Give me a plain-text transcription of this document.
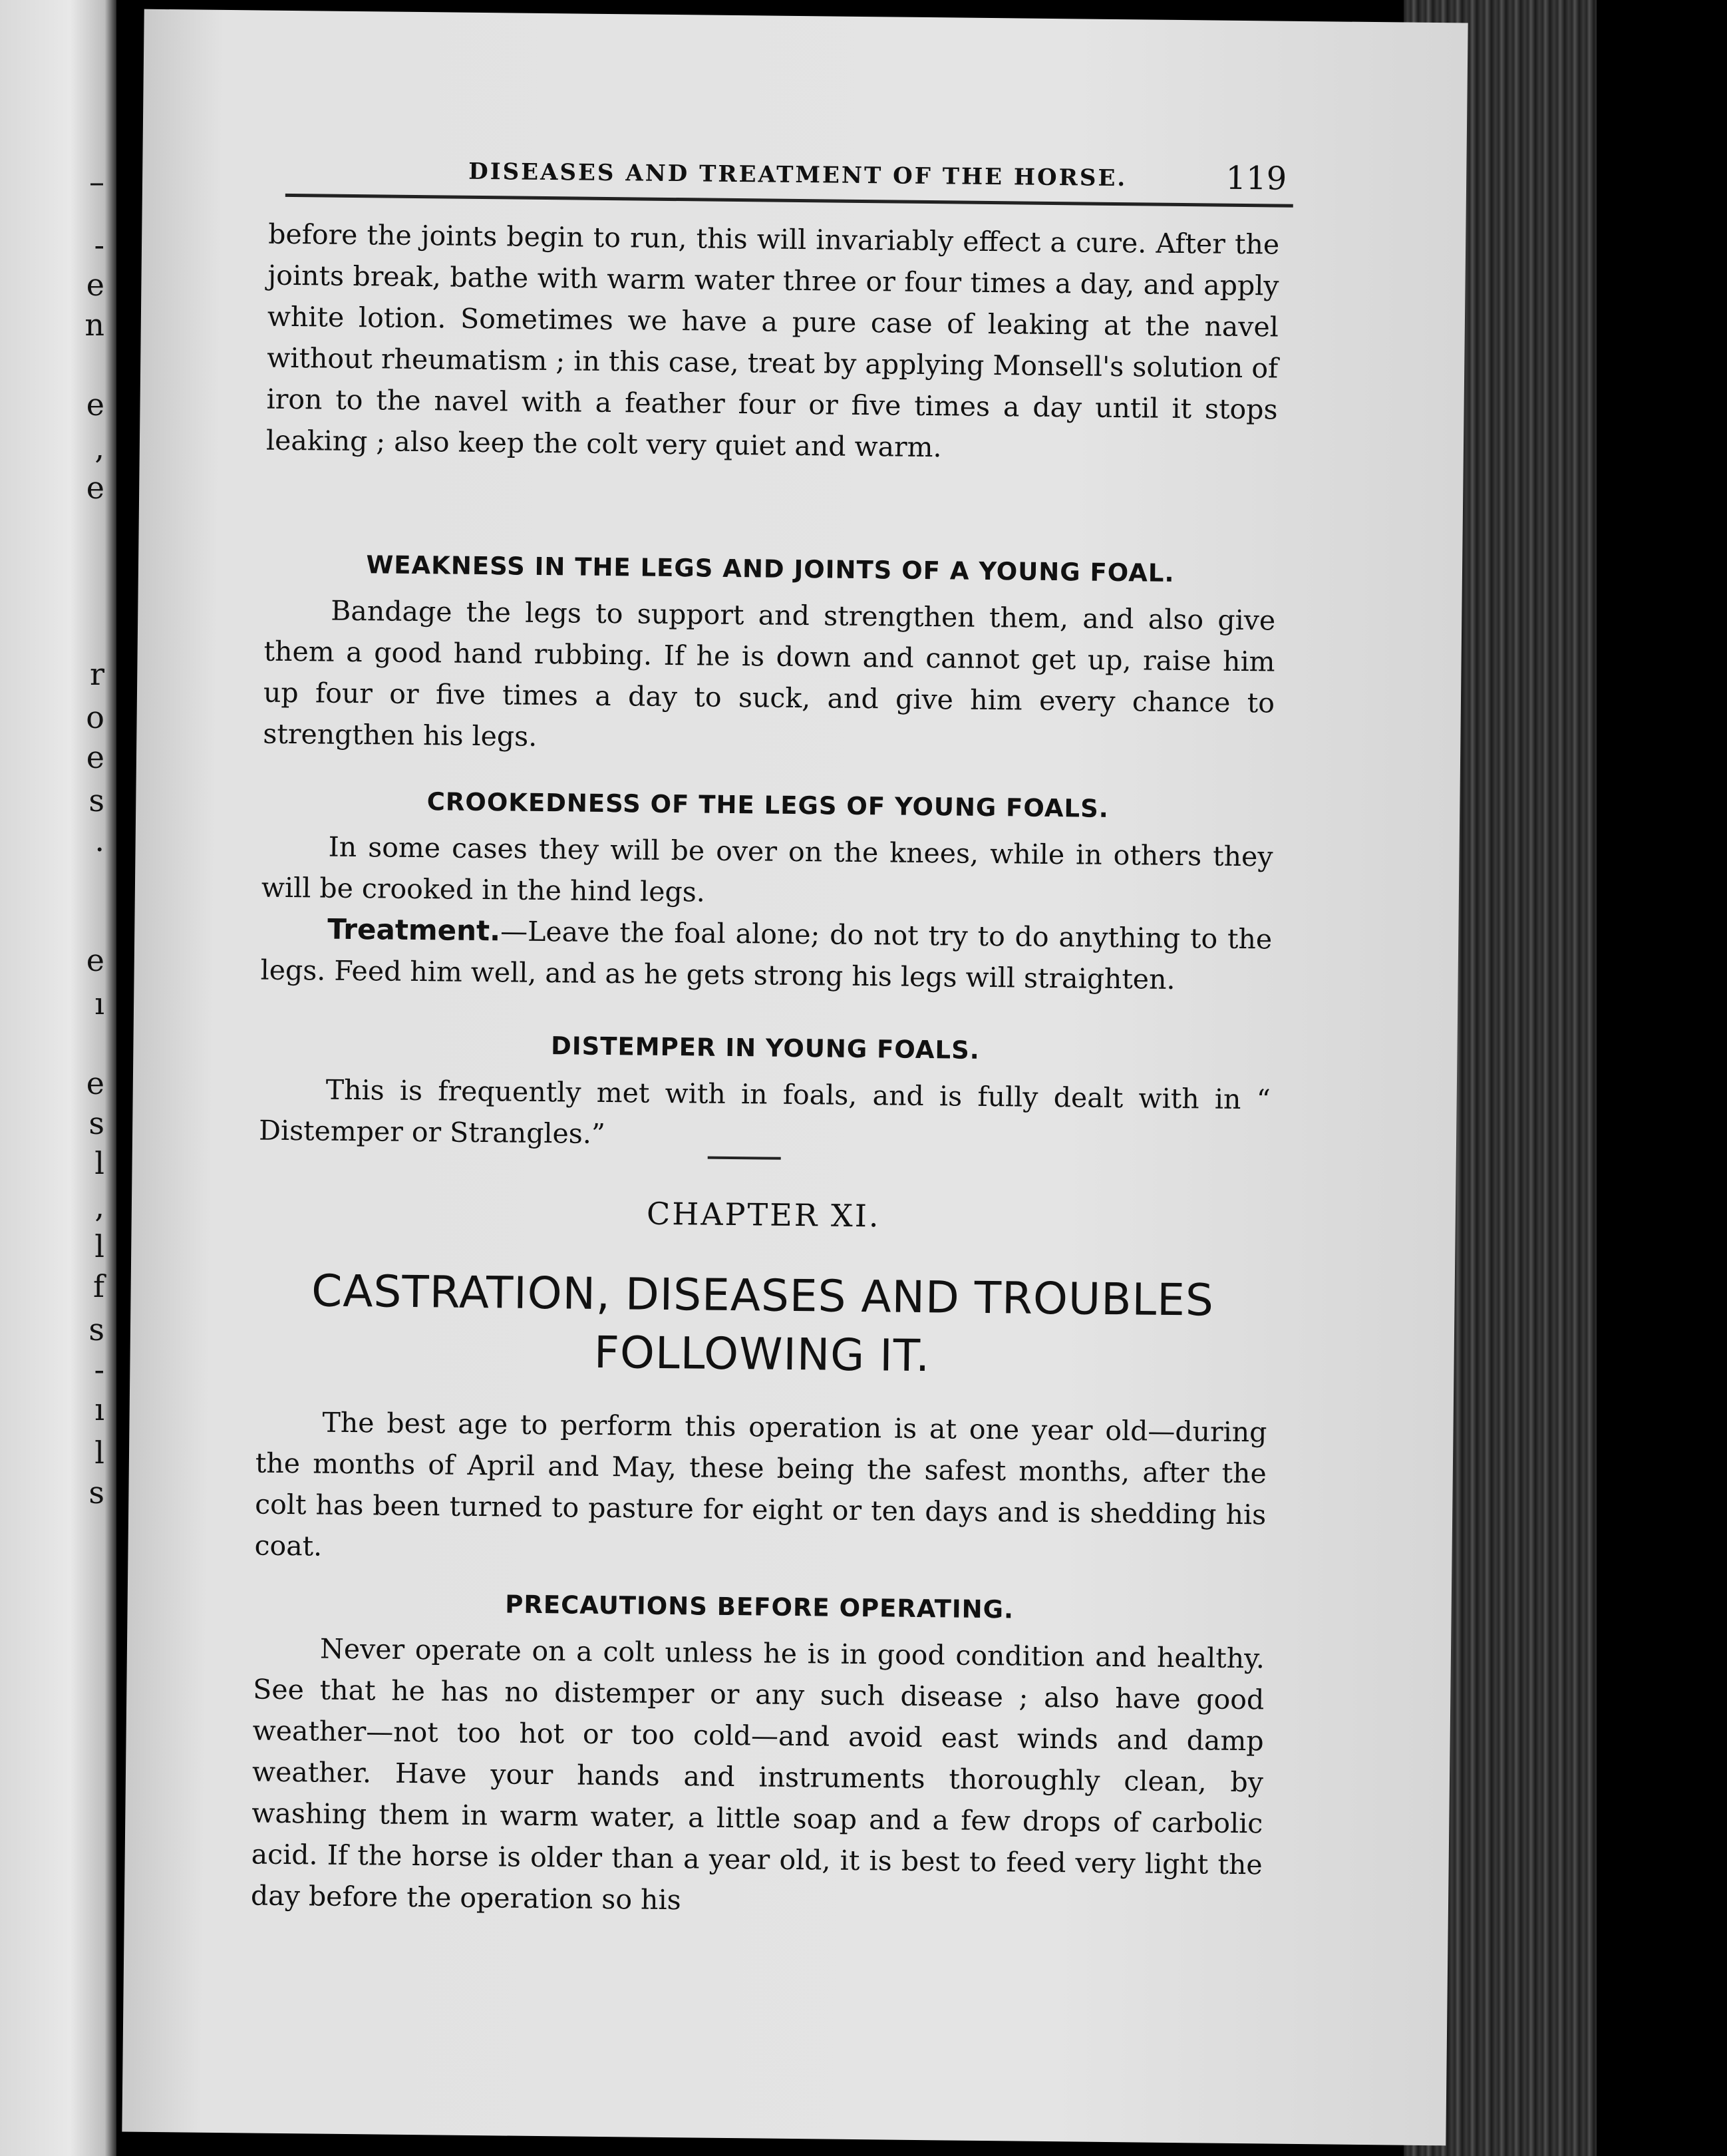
–
-
e
n
e
,
e
r
o
e
s
.
e
ı
e
s
l
,
l
f
s
-
ı
l
s
DISEASES AND TREATMENT OF THE HORSE.	119

before the joints begin to run, this will invariably effect a cure. After the joints break, bathe with warm water three or four times a day, and apply white lotion. Sometimes we have a pure case of leaking at the navel without rheumatism ; in this case, treat by applying Monsell's solution of iron to the navel with a feather four or five times a day until it stops leaking ; also keep the colt very quiet and warm.

WEAKNESS IN THE LEGS AND JOINTS OF A YOUNG FOAL.

Bandage the legs to support and strengthen them, and also give them a good hand rubbing. If he is down and cannot get up, raise him up four or five times a day to suck, and give him every chance to strengthen his legs.

CROOKEDNESS OF THE LEGS OF YOUNG FOALS.

In some cases they will be over on the knees, while in others they will be crooked in the hind legs.

Treatment.—Leave the foal alone; do not try to do anything to the legs. Feed him well, and as he gets strong his legs will straighten.

DISTEMPER IN YOUNG FOALS.

This is frequently met with in foals, and is fully dealt with in “ Distemper or Strangles.”

CHAPTER XI.
CASTRATION, DISEASES AND TROUBLES
FOLLOWING IT.

The best age to perform this operation is at one year old—during the months of April and May, these being the safest months, after the colt has been turned to pasture for eight or ten days and is shedding his coat.

PRECAUTIONS BEFORE OPERATING.

Never operate on a colt unless he is in good condition and healthy. See that he has no distemper or any such disease ; also have good weather—not too hot or too cold—and avoid east winds and damp weather. Have your hands and instruments thoroughly clean, by washing them in warm water, a little soap and a few drops of carbolic acid. If the horse is older than a year old, it is best to feed very light the day before the operation so his
